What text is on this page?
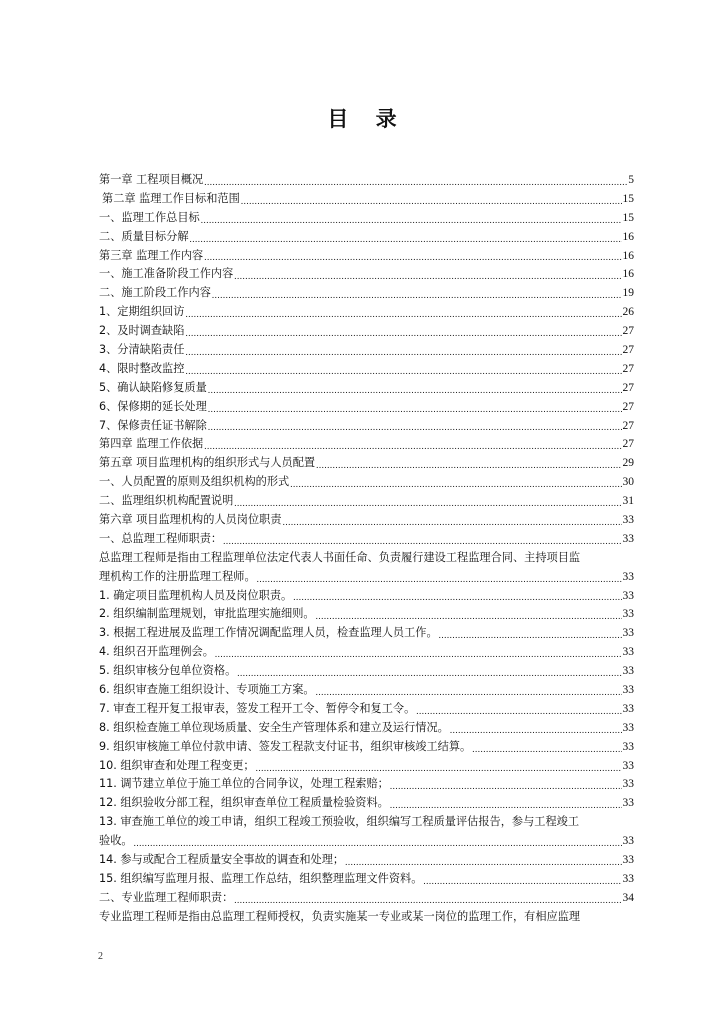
目 录
第一章 工程项目概况 .....	5
第二章 监理工作目标和范围 .....	15
一、监理工作总目标 .....	15
二、质量目标分解 .....	16
第三章 监理工作内容 .....	16
一、施工准备阶段工作内容 .....	16
二、施工阶段工作内容 .....	19
1、定期组织回访 .....	26
2、及时调查缺陷 .....	27
3、分清缺陷责任 .....	27
4、限时整改监控 .....	27
5、确认缺陷修复质量 .....	27
6、保修期的延长处理 .....	27
7、保修责任证书解除 .....	27
第四章 监理工作依据 .....	27
第五章 项目监理机构的组织形式与人员配置 .....	29
一、人员配置的原则及组织机构的形式 .....	30
二、监理组织机构配置说明 .....	31
第六章 项目监理机构的人员岗位职责 .....	33
一、总监理工程师职责： .....	33
总监理工程师是指由工程监理单位法定代表人书面任命、负责履行建设工程监理合同、主持项目监
理机构工作的注册监理工程师。 .....	33
1. 确定项目监理机构人员及岗位职责。 .....	33
2. 组织编制监理规划，审批监理实施细则。 .....	33
3. 根据工程进展及监理工作情况调配监理人员，检查监理人员工作。 .....	33
4. 组织召开监理例会。 .....	33
5. 组织审核分包单位资格。 .....	33
6. 组织审查施工组织设计、专项施工方案。 .....	33
7. 审查工程开复工报审表，签发工程开工令、暂停令和复工令。 .....	33
8. 组织检查施工单位现场质量、安全生产管理体系和建立及运行情况。 .....	33
9. 组织审核施工单位付款申请、签发工程款支付证书，组织审核竣工结算。 .....	33
10. 组织审查和处理工程变更； .....	33
11. 调节建立单位于施工单位的合同争议，处理工程索赔； .....	33
12. 组织验收分部工程，组织审查单位工程质量检验资料。 .....	33
13. 审查施工单位的竣工申请，组织工程竣工预验收，组织编写工程质量评估报告，参与工程竣工
验收。 .....	33
14. 参与或配合工程质量安全事故的调查和处理； .....	33
15. 组织编写监理月报、监理工作总结，组织整理监理文件资料。 .....	33
二、专业监理工程师职责： .....	34
专业监理工程师是指由总监理工程师授权，负责实施某一专业或某一岗位的监理工作，有相应监理
2
